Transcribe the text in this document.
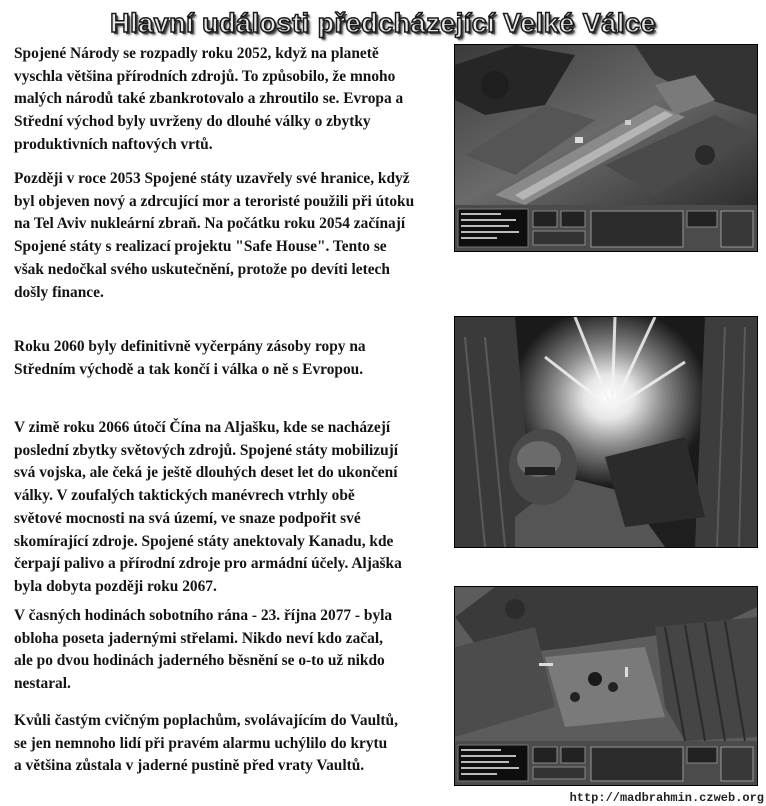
Hlavní události předcházející Velké Válce

Spojené Národy se rozpadly roku 2052, když na planetě
vyschla většina přírodních zdrojů. To způsobilo, že mnoho
malých národů také zbankrotovalo a zhroutilo se. Evropa a
Střední východ byly uvrženy do dlouhé války o zbytky
produktivních naftových vrtů.

Později v roce 2053 Spojené státy uzavřely své hranice, když
byl objeven nový a zdrcující mor a teroristé použili při útoku
na Tel Aviv nukleární zbraň. Na počátku roku 2054 začínají
Spojené státy s realizací projektu "Safe House". Tento se
však nedočkal svého uskutečnění, protože po devíti letech
došly finance.

Roku 2060 byly definitivně vyčerpány zásoby ropy na
Středním východě a tak končí i válka o ně s Evropou.

V zimě roku 2066 útočí Čína na Aljašku, kde se nacházejí
poslední zbytky světových zdrojů. Spojené státy mobilizují
svá vojska, ale čeká je ještě dlouhých deset let do ukončení
války. V zoufalých taktických manévrech vtrhly obě
světové mocnosti na svá území, ve snaze podpořit své
skomírající zdroje. Spojené státy anektovaly Kanadu, kde
čerpají palivo a přírodní zdroje pro armádní účely. Aljaška
byla dobyta později roku 2067.

V časných hodinách sobotního rána - 23. října 2077 - byla
obloha poseta jadernými střelami. Nikdo neví kdo začal,
ale po dvou hodinách jaderného běsnění se o-to už nikdo
nestaral.

Kvůli častým cvičným poplachům, svolávajícím do Vaultů,
se jen nemnoho lidí při pravém alarmu uchýlilo do krytu
a většina zůstala v jaderné pustině před vraty Vaultů.

http://madbrahmin.czweb.org
